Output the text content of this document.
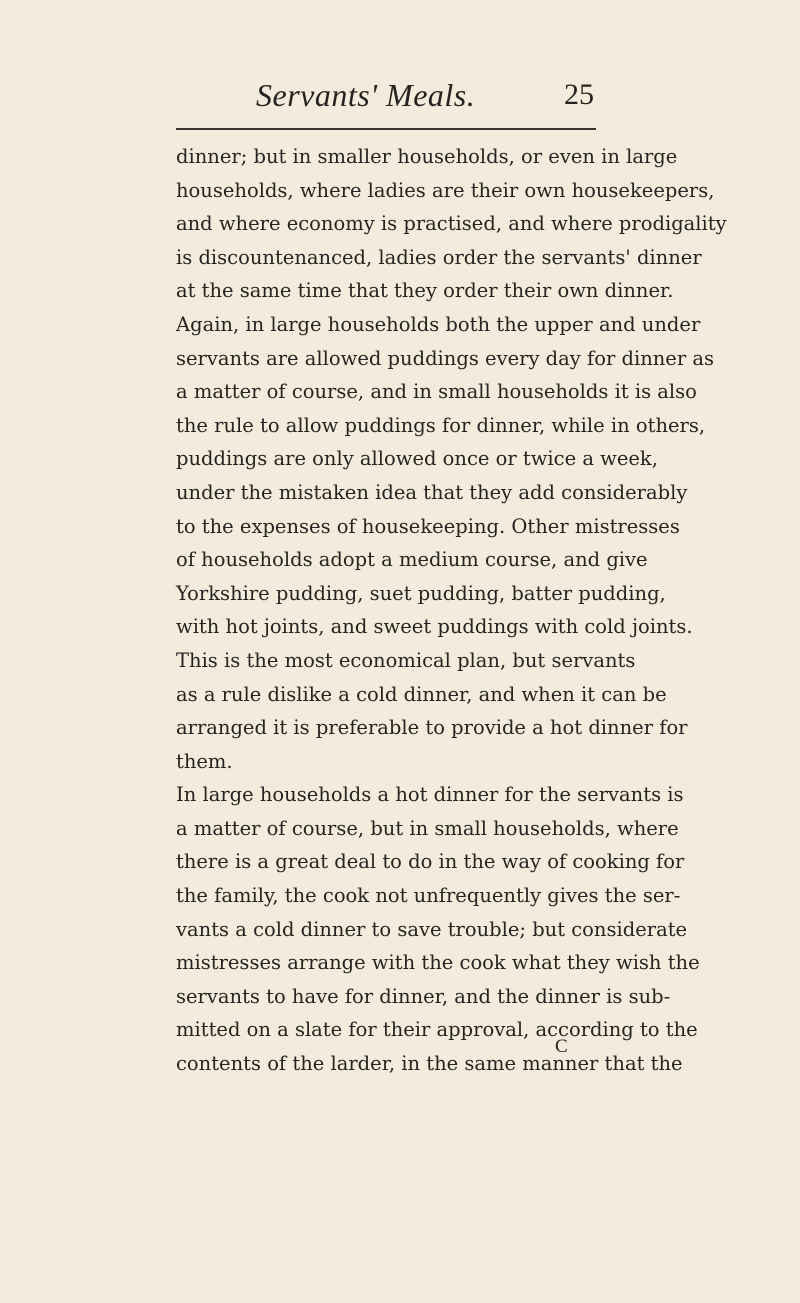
Servants' Meals.	25
dinner; but in smaller households, or even in large
households, where ladies are their own housekeepers,
and where economy is practised, and where prodigality
is discountenanced, ladies order the servants' dinner
at the same time that they order their own dinner.
Again, in large households both the upper and under
servants are allowed puddings every day for dinner as
a matter of course, and in small households it is also
the rule to allow puddings for dinner, while in others,
puddings are only allowed once or twice a week,
under the mistaken idea that they add considerably
to the expenses of housekeeping. Other mistresses
of households adopt a medium course, and give
Yorkshire pudding, suet pudding, batter pudding,
with hot joints, and sweet puddings with cold joints.
This is the most economical plan, but servants
as a rule dislike a cold dinner, and when it can be
arranged it is preferable to provide a hot dinner for
them.
In large households a hot dinner for the servants is
a matter of course, but in small households, where
there is a great deal to do in the way of cooking for
the family, the cook not unfrequently gives the ser-
vants a cold dinner to save trouble; but considerate
mistresses arrange with the cook what they wish the
servants to have for dinner, and the dinner is sub-
mitted on a slate for their approval, according to the
contents of the larder, in the same manner that the
C
